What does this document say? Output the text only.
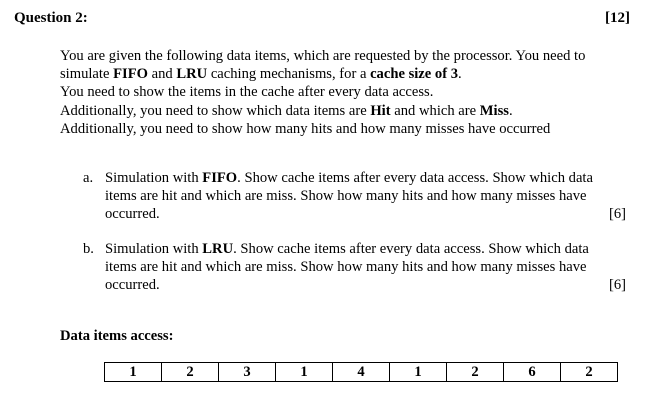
Question 2:	[12]
You are given the following data items, which are requested by the processor. You need to
simulate FIFO and LRU caching mechanisms, for a cache size of 3.
You need to show the items in the cache after every data access.
Additionally, you need to show which data items are Hit and which are Miss.
Additionally, you need to show how many hits and how many misses have occurred
a. Simulation with FIFO. Show cache items after every data access. Show which data
items are hit and which are miss. Show how many hits and how many misses have
occurred.	[6]
b. Simulation with LRU. Show cache items after every data access. Show which data
items are hit and which are miss. Show how many hits and how many misses have
occurred.	[6]
Data items access:
1	2	3	1	4	1	2	6	2
